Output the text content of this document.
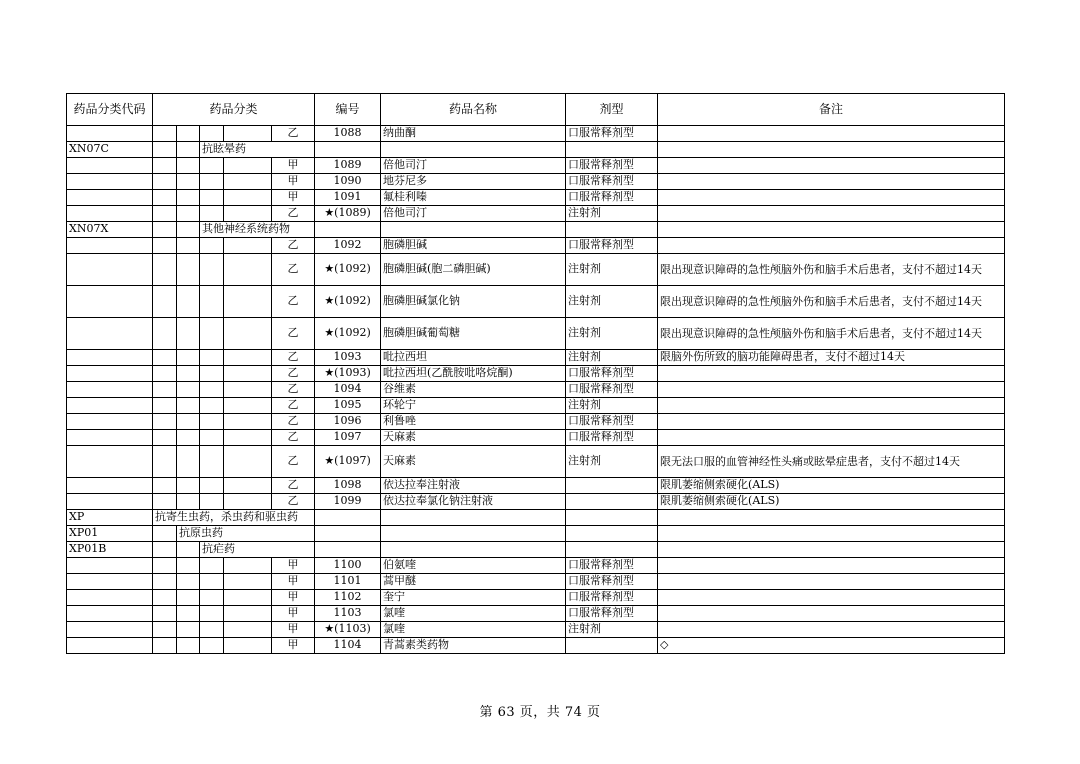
药品分类代码	药品分类					编号	药品名称	剂型	备注
					乙	1088	纳曲酮	口服常释剂型	
XN07C			抗眩晕药						
					甲	1089	倍他司汀	口服常释剂型	
					甲	1090	地芬尼多	口服常释剂型	
					甲	1091	氟桂利嗪	口服常释剂型	
					乙	★(1089)	倍他司汀	注射剂	
XN07X			其他神经系统药物						
					乙	1092	胞磷胆碱	口服常释剂型	
					乙	★(1092)	胞磷胆碱(胞二磷胆碱)	注射剂	限出现意识障碍的急性颅脑外伤和脑手术后患者，支付不超过14天
					乙	★(1092)	胞磷胆碱氯化钠	注射剂	限出现意识障碍的急性颅脑外伤和脑手术后患者，支付不超过14天
					乙	★(1092)	胞磷胆碱葡萄糖	注射剂	限出现意识障碍的急性颅脑外伤和脑手术后患者，支付不超过14天
					乙	1093	吡拉西坦	注射剂	限脑外伤所致的脑功能障碍患者，支付不超过14天
					乙	★(1093)	吡拉西坦(乙酰胺吡咯烷酮)	口服常释剂型	
					乙	1094	谷维素	口服常释剂型	
					乙	1095	环轮宁	注射剂	
					乙	1096	利鲁唑	口服常释剂型	
					乙	1097	天麻素	口服常释剂型	
					乙	★(1097)	天麻素	注射剂	限无法口服的血管神经性头痛或眩晕症患者，支付不超过14天
					乙	1098	依达拉奉注射液		限肌萎缩侧索硬化(ALS)
					乙	1099	依达拉奉氯化钠注射液		限肌萎缩侧索硬化(ALS)
XP	抗寄生虫药，杀虫药和驱虫药								
XP01		抗原虫药							
XP01B			抗疟药						
					甲	1100	伯氨喹	口服常释剂型	
					甲	1101	蒿甲醚	口服常释剂型	
					甲	1102	奎宁	口服常释剂型	
					甲	1103	氯喹	口服常释剂型	
					甲	★(1103)	氯喹	注射剂	
					甲	1104	青蒿素类药物		◇
第 63 页，共 74 页
